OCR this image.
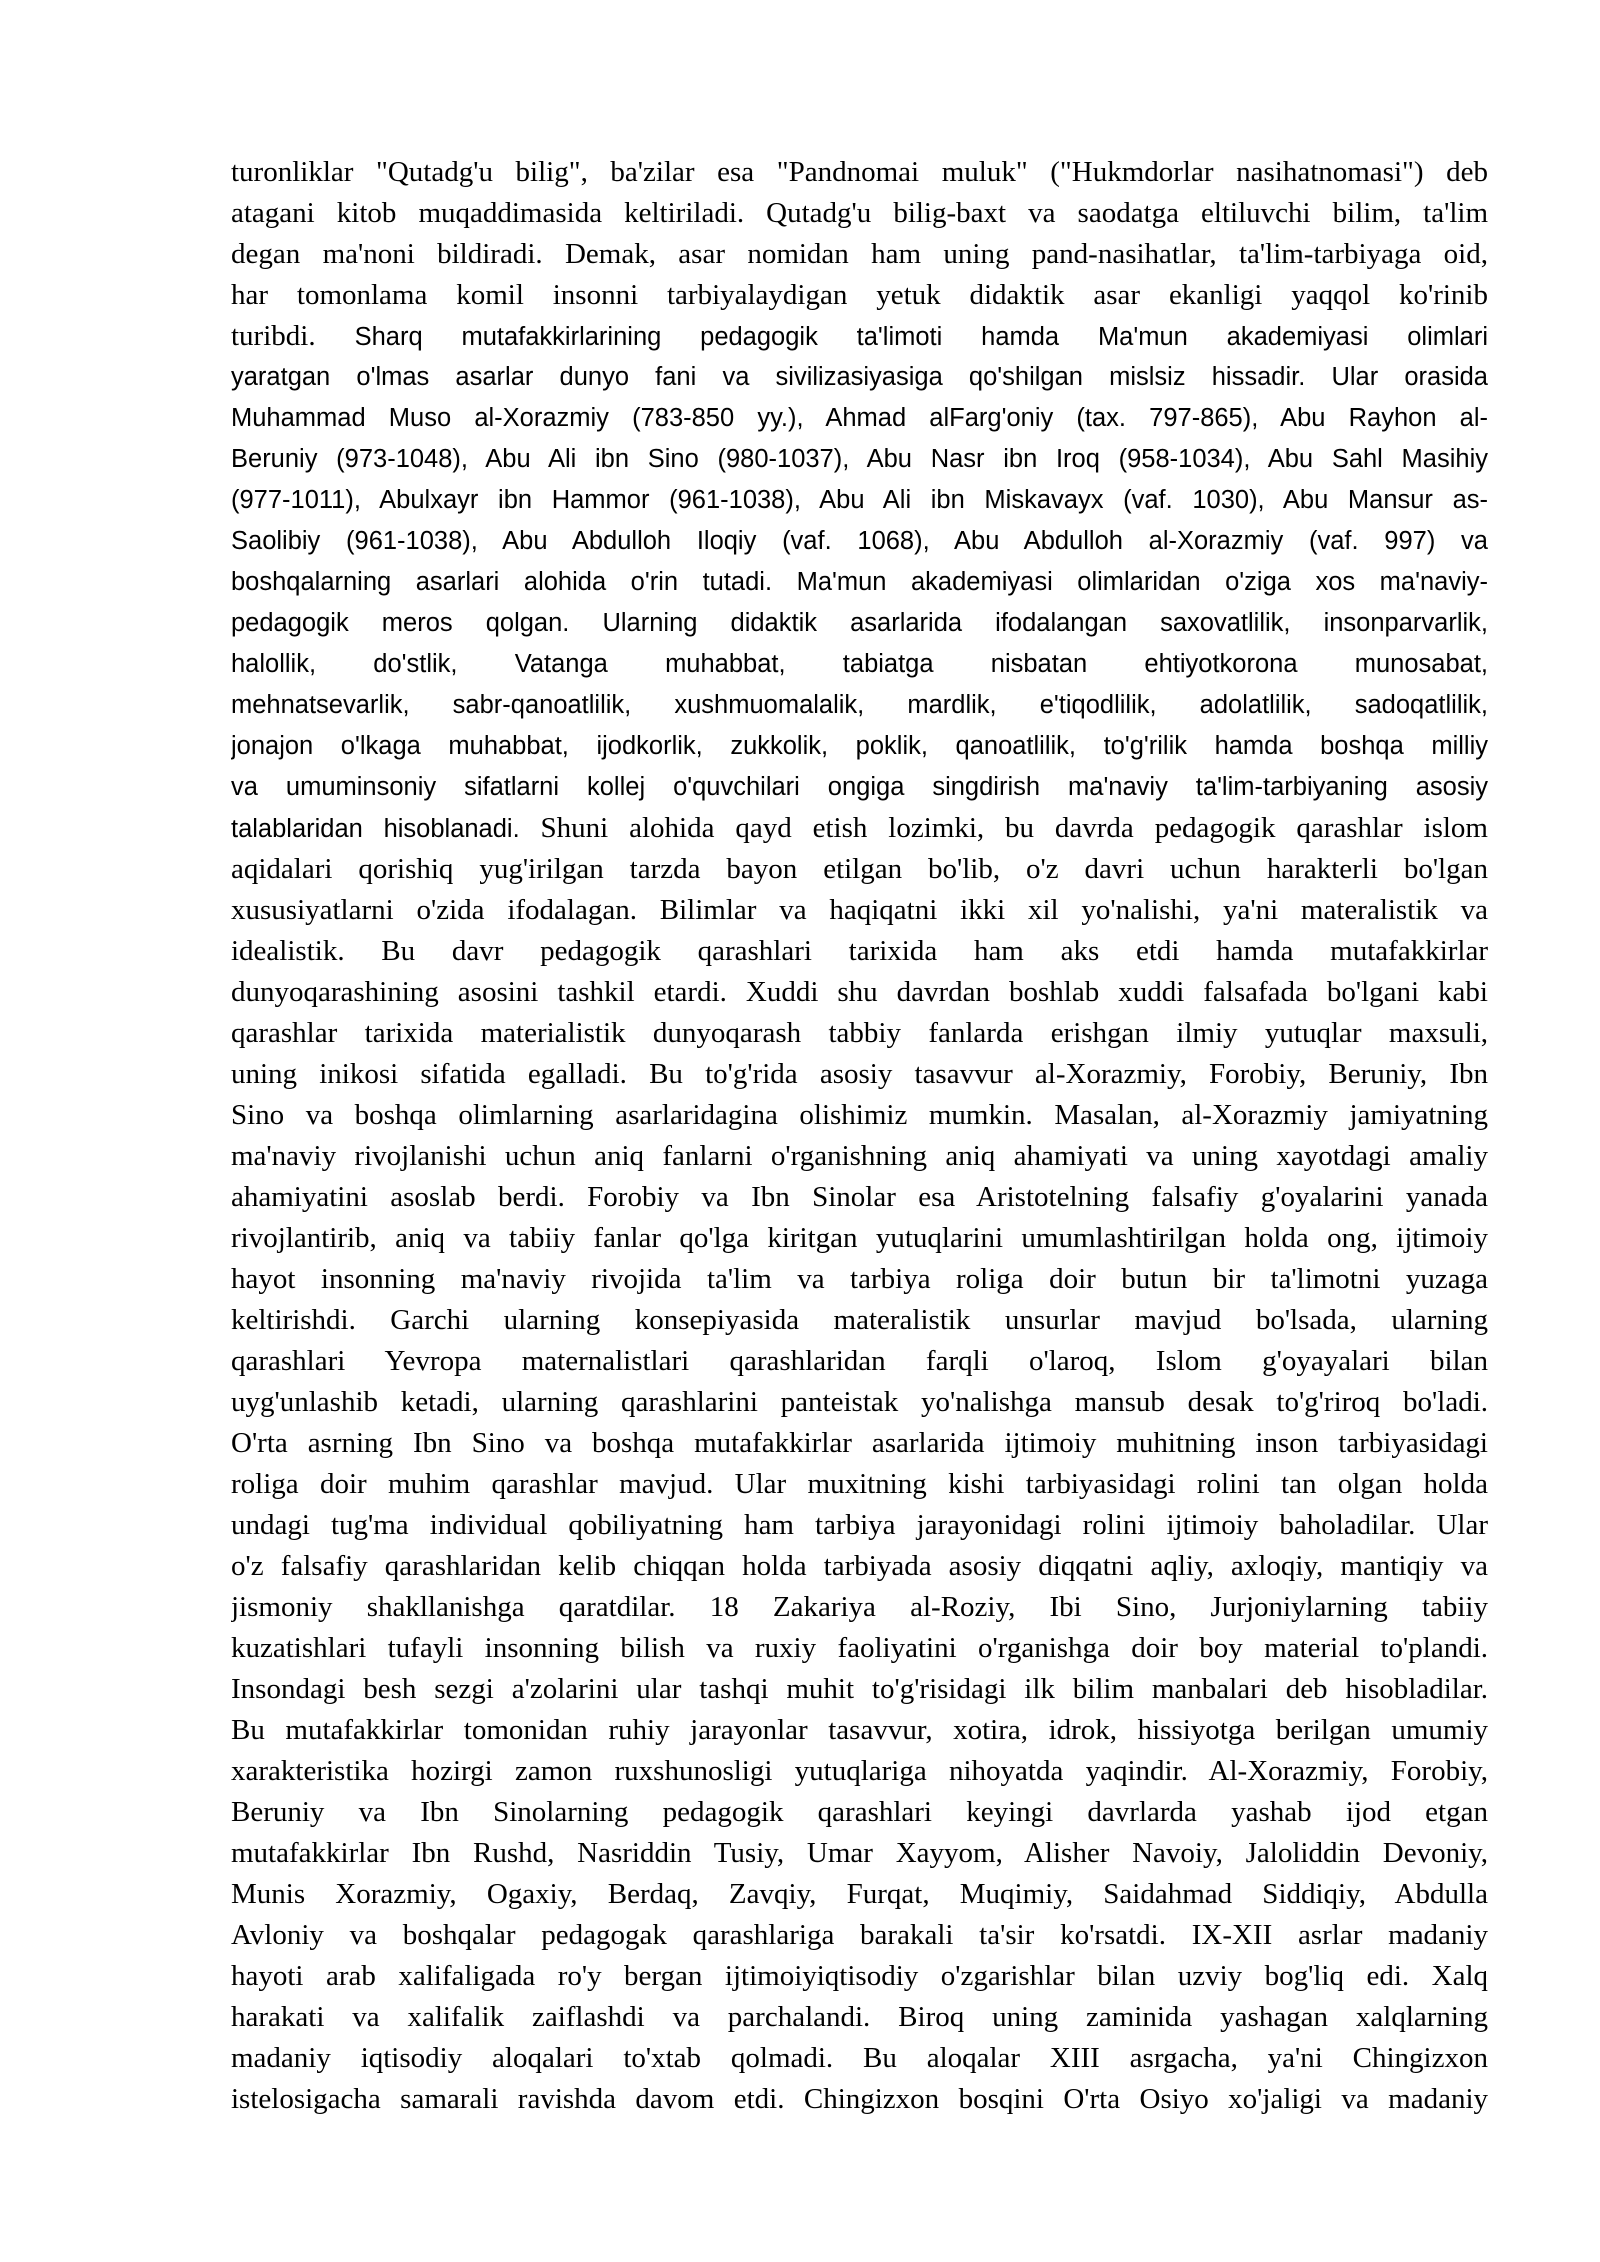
turonliklar "Qutadg'u bilig", ba'zilar esa "Pandnomai muluk" ("Hukmdorlar nasihatnomasi") deb
atagani kitob muqaddimasida keltiriladi. Qutadg'u bilig-baxt va saodatga eltiluvchi bilim, ta'lim
degan ma'noni bildiradi. Demak, asar nomidan ham uning pand-nasihatlar, ta'lim-tarbiyaga oid,
har tomonlama komil insonni tarbiyalaydigan yetuk didaktik asar ekanligi yaqqol ko'rinib
turibdi. Sharq mutafakkirlarining pedagogik ta'limoti hamda Ma'mun akademiyasi olimlari
yaratgan o'lmas asarlar dunyo fani va sivilizasiyasiga qo'shilgan mislsiz hissadir. Ular orasida
Muhammad Muso al-Xorazmiy (783-850 yy.), Ahmad alFarg'oniy (tax. 797-865), Abu Rayhon al-
Beruniy (973-1048), Abu Ali ibn Sino (980-1037), Abu Nasr ibn Iroq (958-1034), Abu Sahl Masihiy
(977-1011), Abulxayr ibn Hammor (961-1038), Abu Ali ibn Miskavayx (vaf. 1030), Abu Mansur as-
Saolibiy (961-1038), Abu Abdulloh Iloqiy (vaf. 1068), Abu Abdulloh al-Xorazmiy (vaf. 997) va
boshqalarning asarlari alohida o'rin tutadi. Ma'mun akademiyasi olimlaridan o'ziga xos ma'naviy-
pedagogik meros qolgan. Ularning didaktik asarlarida ifodalangan saxovatlilik, insonparvarlik,
halollik, do'stlik, Vatanga muhabbat, tabiatga nisbatan ehtiyotkorona munosabat,
mehnatsevarlik, sabr-qanoatlilik, xushmuomalalik, mardlik, e'tiqodlilik, adolatlilik, sadoqatlilik,
jonajon o'lkaga muhabbat, ijodkorlik, zukkolik, poklik, qanoatlilik, to'g'rilik hamda boshqa milliy
va umuminsoniy sifatlarni kollej o'quvchilari ongiga singdirish ma'naviy ta'lim-tarbiyaning asosiy
talablaridan hisoblanadi. Shuni alohida qayd etish lozimki, bu davrda pedagogik qarashlar islom
aqidalari qorishiq yug'irilgan tarzda bayon etilgan bo'lib, o'z davri uchun harakterli bo'lgan
xususiyatlarni o'zida ifodalagan. Bilimlar va haqiqatni ikki xil yo'nalishi, ya'ni materalistik va
idealistik. Bu davr pedagogik qarashlari tarixida ham aks etdi hamda mutafakkirlar
dunyoqarashining asosini tashkil etardi. Xuddi shu davrdan boshlab xuddi falsafada bo'lgani kabi
qarashlar tarixida materialistik dunyoqarash tabbiy fanlarda erishgan ilmiy yutuqlar maxsuli,
uning inikosi sifatida egalladi. Bu to'g'rida asosiy tasavvur al-Xorazmiy, Forobiy, Beruniy, Ibn
Sino va boshqa olimlarning asarlaridagina olishimiz mumkin. Masalan, al-Xorazmiy jamiyatning
ma'naviy rivojlanishi uchun aniq fanlarni o'rganishning aniq ahamiyati va uning xayotdagi amaliy
ahamiyatini asoslab berdi. Forobiy va Ibn Sinolar esa Aristotelning falsafiy g'oyalarini yanada
rivojlantirib, aniq va tabiiy fanlar qo'lga kiritgan yutuqlarini umumlashtirilgan holda ong, ijtimoiy
hayot insonning ma'naviy rivojida ta'lim va tarbiya roliga doir butun bir ta'limotni yuzaga
keltirishdi. Garchi ularning konsepiyasida materalistik unsurlar mavjud bo'lsada, ularning
qarashlari Yevropa maternalistlari qarashlaridan farqli o'laroq, Islom g'oyayalari bilan
uyg'unlashib ketadi, ularning qarashlarini panteistak yo'nalishga mansub desak to'g'riroq bo'ladi.
O'rta asrning Ibn Sino va boshqa mutafakkirlar asarlarida ijtimoiy muhitning inson tarbiyasidagi
roliga doir muhim qarashlar mavjud. Ular muxitning kishi tarbiyasidagi rolini tan olgan holda
undagi tug'ma individual qobiliyatning ham tarbiya jarayonidagi rolini ijtimoiy baholadilar. Ular
o'z falsafiy qarashlaridan kelib chiqqan holda tarbiyada asosiy diqqatni aqliy, axloqiy, mantiqiy va
jismoniy shakllanishga qaratdilar. 18 Zakariya al-Roziy, Ibi Sino, Jurjoniylarning tabiiy
kuzatishlari tufayli insonning bilish va ruxiy faoliyatini o'rganishga doir boy material to'plandi.
Insondagi besh sezgi a'zolarini ular tashqi muhit to'g'risidagi ilk bilim manbalari deb hisobladilar.
Bu mutafakkirlar tomonidan ruhiy jarayonlar tasavvur, xotira, idrok, hissiyotga berilgan umumiy
xarakteristika hozirgi zamon ruxshunosligi yutuqlariga nihoyatda yaqindir. Al-Xorazmiy, Forobiy,
Beruniy va Ibn Sinolarning pedagogik qarashlari keyingi davrlarda yashab ijod etgan
mutafakkirlar Ibn Rushd, Nasriddin Tusiy, Umar Xayyom, Alisher Navoiy, Jaloliddin Devoniy,
Munis Xorazmiy, Ogaxiy, Berdaq, Zavqiy, Furqat, Muqimiy, Saidahmad Siddiqiy, Abdulla
Avloniy va boshqalar pedagogak qarashlariga barakali ta'sir ko'rsatdi. IX-XII asrlar madaniy
hayoti arab xalifaligada ro'y bergan ijtimoiyiqtisodiy o'zgarishlar bilan uzviy bog'liq edi. Xalq
harakati va xalifalik zaiflashdi va parchalandi. Biroq uning zaminida yashagan xalqlarning
madaniy iqtisodiy aloqalari to'xtab qolmadi. Bu aloqalar XIII asrgacha, ya'ni Chingizxon
istelosigacha samarali ravishda davom etdi. Chingizxon bosqini O'rta Osiyo xo'jaligi va madaniy
